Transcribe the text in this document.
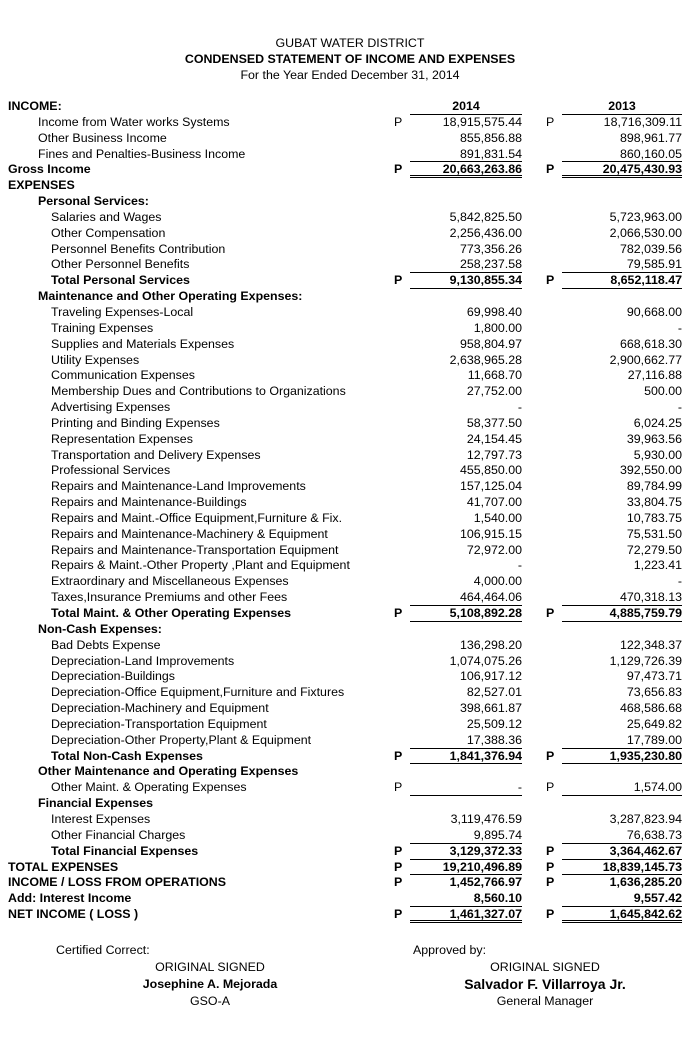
GUBAT WATER DISTRICT
CONDENSED STATEMENT OF INCOME AND EXPENSES
For the Year Ended December 31, 2014
INCOME:	2014	2013
Income from Water works Systems	P	18,915,575.44 P	18,716,309.11
Other Business Income	855,856.88	898,961.77
Fines and Penalties-Business Income	891,831.54	860,160.05
Gross Income	P	20,663,263.86 P	20,475,430.93
EXPENSES
Personal Services:
Salaries and Wages	5,842,825.50	5,723,963.00
Other Compensation	2,256,436.00	2,066,530.00
Personnel Benefits Contribution	773,356.26	782,039.56
Other Personnel Benefits	258,237.58	79,585.91
Total Personal Services	P	9,130,855.34 P	8,652,118.47
Maintenance and Other Operating Expenses:
Traveling Expenses-Local	69,998.40	90,668.00
Training Expenses	1,800.00	-
Supplies and Materials Expenses	958,804.97	668,618.30
Utility Expenses	2,638,965.28	2,900,662.77
Communication Expenses	11,668.70	27,116.88
Membership Dues and Contributions to Organizations	27,752.00	500.00
Advertising Expenses	-	-
Printing and Binding Expenses	58,377.50	6,024.25
Representation Expenses	24,154.45	39,963.56
Transportation and Delivery Expenses	12,797.73	5,930.00
Professional Services	455,850.00	392,550.00
Repairs and Maintenance-Land Improvements	157,125.04	89,784.99
Repairs and Maintenance-Buildings	41,707.00	33,804.75
Repairs and Maint.-Office Equipment,Furniture & Fix.	1,540.00	10,783.75
Repairs and Maintenance-Machinery & Equipment	106,915.15	75,531.50
Repairs and Maintenance-Transportation Equipment	72,972.00	72,279.50
Repairs & Maint.-Other Property ,Plant and Equipment	-	1,223.41
Extraordinary and Miscellaneous Expenses	4,000.00	-
Taxes,Insurance Premiums and other Fees	464,464.06	470,318.13
Total Maint. & Other Operating Expenses	P	5,108,892.28 P	4,885,759.79
Non-Cash Expenses:
Bad Debts Expense	136,298.20	122,348.37
Depreciation-Land Improvements	1,074,075.26	1,129,726.39
Depreciation-Buildings	106,917.12	97,473.71
Depreciation-Office Equipment,Furniture and Fixtures	82,527.01	73,656.83
Depreciation-Machinery and Equipment	398,661.87	468,586.68
Depreciation-Transportation Equipment	25,509.12	25,649.82
Depreciation-Other Property,Plant & Equipment	17,388.36	17,789.00
Total Non-Cash Expenses	P	1,841,376.94 P	1,935,230.80
Other Maintenance and Operating Expenses
Other Maint. & Operating Expenses	P	- P	1,574.00
Financial Expenses
Interest Expenses	3,119,476.59	3,287,823.94
Other Financial Charges	9,895.74	76,638.73
Total Financial Expenses	P	3,129,372.33 P	3,364,462.67
TOTAL EXPENSES	P	19,210,496.89 P	18,839,145.73
INCOME / LOSS FROM OPERATIONS	P	1,452,766.97 P	1,636,285.20
Add: Interest Income	8,560.10	9,557.42
NET INCOME ( LOSS )	P	1,461,327.07 P	1,645,842.62
Certified Correct:
ORIGINAL SIGNED
Josephine A. Mejorada
GSO-A
Approved by:
ORIGINAL SIGNED
Salvador F. Villarroya Jr.
General Manager
